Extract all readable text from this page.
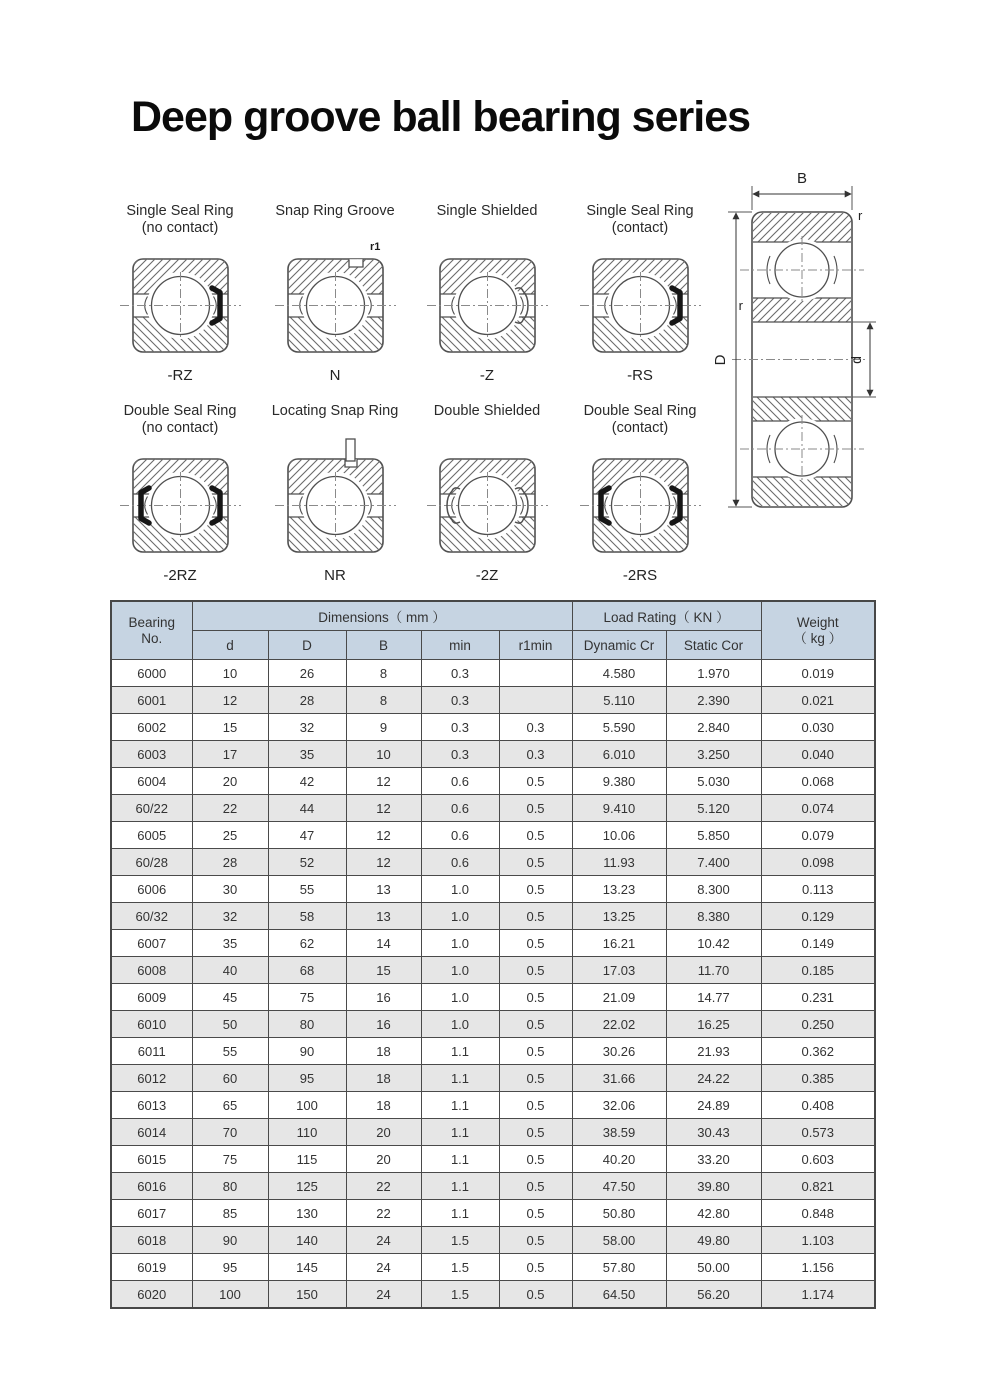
Deep groove ball bearing series
Single Seal Ring
(no contact)
-RZ
Snap Ring Groove
r1
N
Single Shielded
-Z
Single Seal Ring
(contact)
-RS
Double Seal Ring
(no contact)
-2RZ
Locating Snap Ring
NR
Double Shielded
-2Z
Double Seal Ring
(contact)
-2RS
B
r
r
D	d
Bearing
No.	Dimensions（ mm ）					Load Rating（ KN ）		Weight
（ kg ）

	d	D	B	min	r1min	Dynamic Cr	Static Cor	
6000	10	26	8	0.3		4.580	1.970	0.019
6001	12	28	8	0.3		5.110	2.390	0.021
6002	15	32	9	0.3	0.3	5.590	2.840	0.030
6003	17	35	10	0.3	0.3	6.010	3.250	0.040
6004	20	42	12	0.6	0.5	9.380	5.030	0.068
60/22	22	44	12	0.6	0.5	9.410	5.120	0.074
6005	25	47	12	0.6	0.5	10.06	5.850	0.079
60/28	28	52	12	0.6	0.5	11.93	7.400	0.098
6006	30	55	13	1.0	0.5	13.23	8.300	0.113
60/32	32	58	13	1.0	0.5	13.25	8.380	0.129
6007	35	62	14	1.0	0.5	16.21	10.42	0.149
6008	40	68	15	1.0	0.5	17.03	11.70	0.185
6009	45	75	16	1.0	0.5	21.09	14.77	0.231
6010	50	80	16	1.0	0.5	22.02	16.25	0.250
6011	55	90	18	1.1	0.5	30.26	21.93	0.362
6012	60	95	18	1.1	0.5	31.66	24.22	0.385
6013	65	100	18	1.1	0.5	32.06	24.89	0.408
6014	70	110	20	1.1	0.5	38.59	30.43	0.573
6015	75	115	20	1.1	0.5	40.20	33.20	0.603
6016	80	125	22	1.1	0.5	47.50	39.80	0.821
6017	85	130	22	1.1	0.5	50.80	42.80	0.848
6018	90	140	24	1.5	0.5	58.00	49.80	1.103
6019	95	145	24	1.5	0.5	57.80	50.00	1.156
6020	100	150	24	1.5	0.5	64.50	56.20	1.174
